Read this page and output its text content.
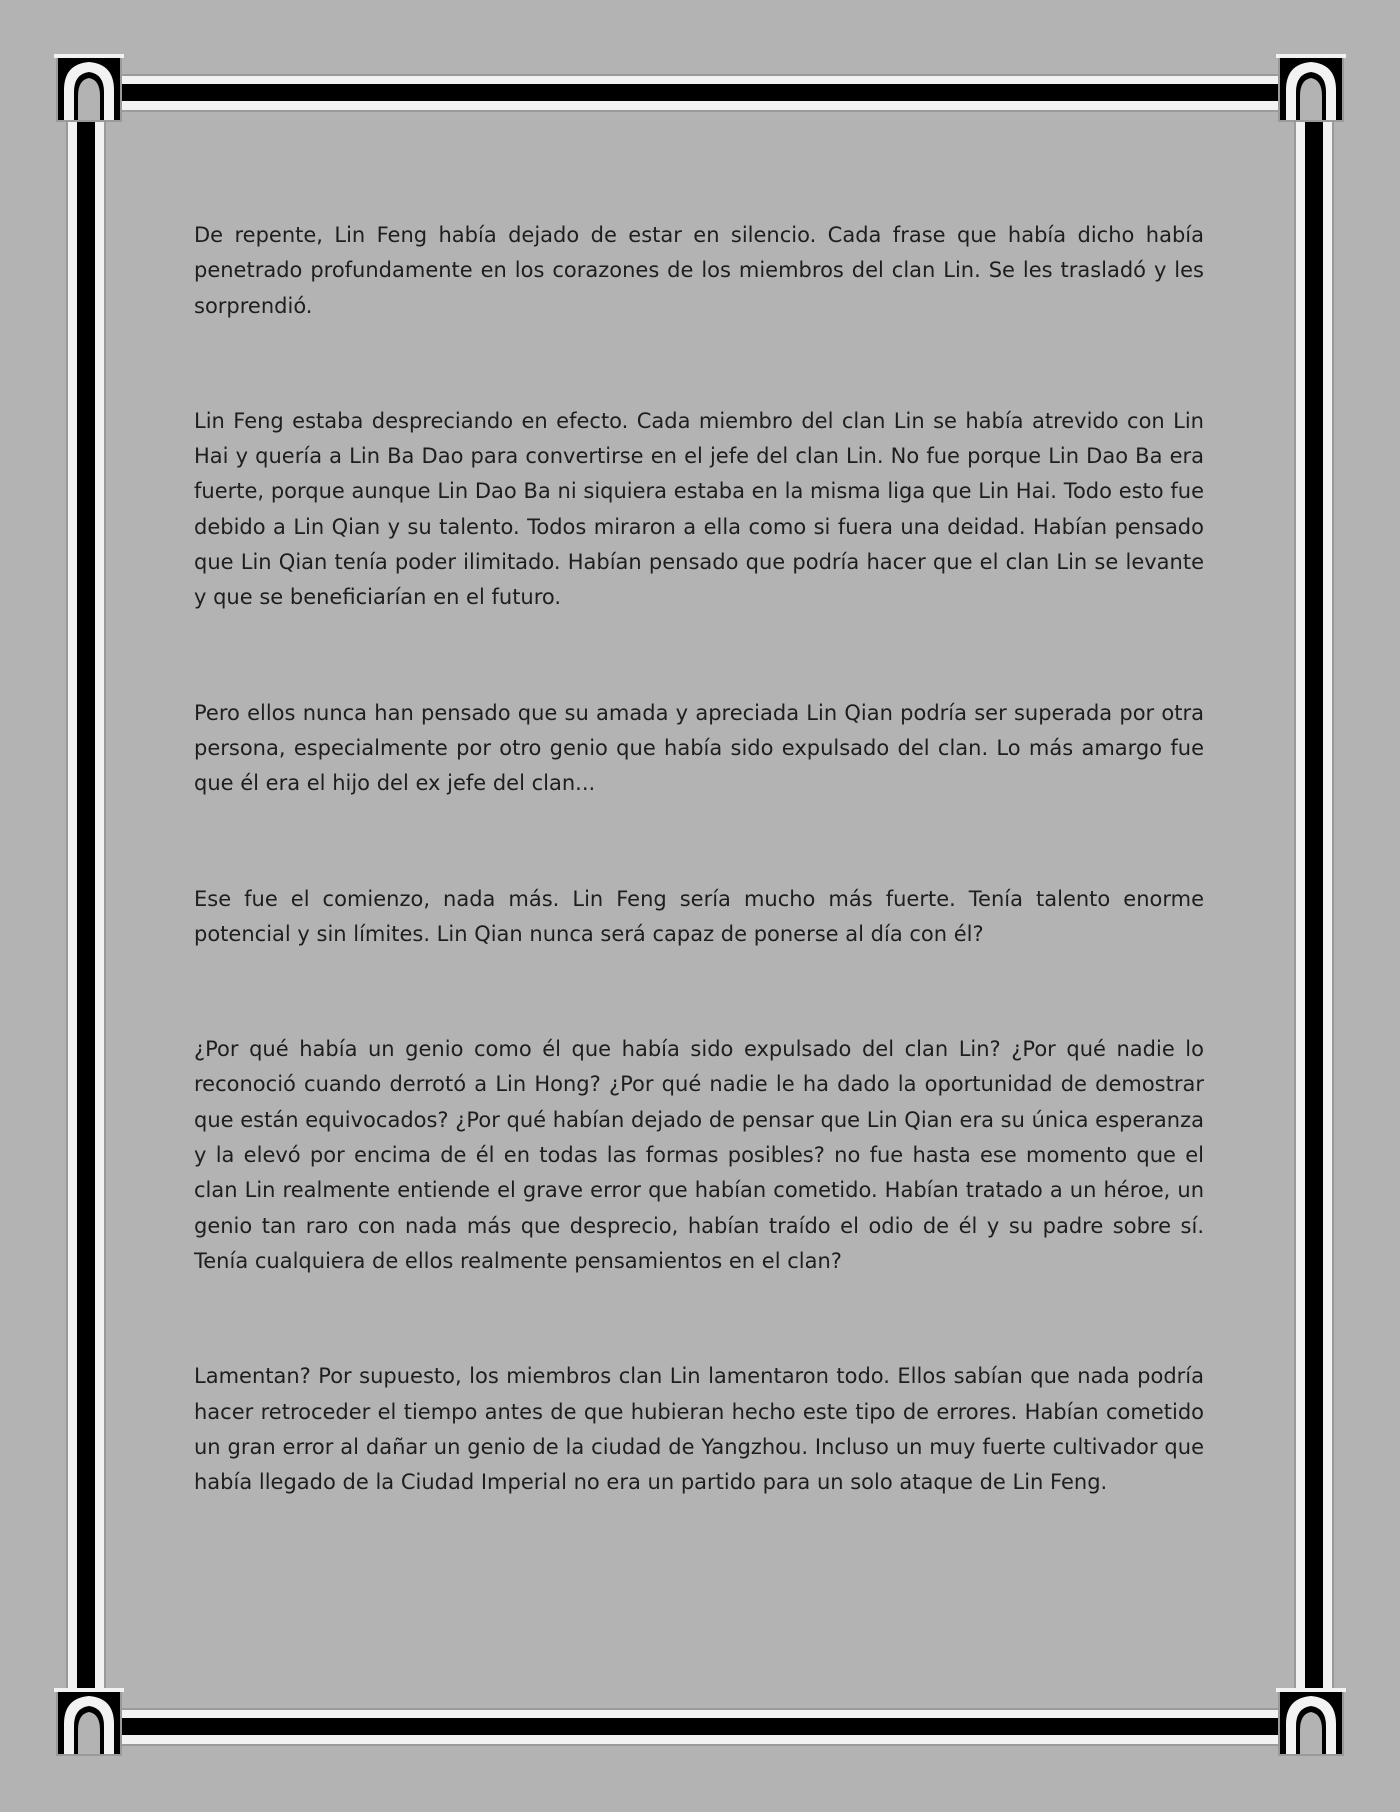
De repente, Lin Feng había dejado de estar en silencio. Cada frase que había dicho había penetrado profundamente en los corazones de los miembros del clan Lin. Se les trasladó y les sorprendió.

Lin Feng estaba despreciando en efecto. Cada miembro del clan Lin se había atrevido con Lin Hai y quería a Lin Ba Dao para convertirse en el jefe del clan Lin. No fue porque Lin Dao Ba era fuerte, porque aunque Lin Dao Ba ni siquiera estaba en la misma liga que Lin Hai. Todo esto fue debido a Lin Qian y su talento. Todos miraron a ella como si fuera una deidad. Habían pensado que Lin Qian tenía poder ilimitado. Habían pensado que podría hacer que el clan Lin se levante y que se beneficiarían en el futuro.

Pero ellos nunca han pensado que su amada y apreciada Lin Qian podría ser superada por otra persona, especialmente por otro genio que había sido expulsado del clan. Lo más amargo fue que él era el hijo del ex jefe del clan...

Ese fue el comienzo, nada más. Lin Feng sería mucho más fuerte. Tenía talento enorme potencial y sin límites. Lin Qian nunca será capaz de ponerse al día con él?

¿Por qué había un genio como él que había sido expulsado del clan Lin? ¿Por qué nadie lo reconoció cuando derrotó a Lin Hong? ¿Por qué nadie le ha dado la oportunidad de demostrar que están equivocados? ¿Por qué habían dejado de pensar que Lin Qian era su única esperanza y la elevó por encima de él en todas las formas posibles? no fue hasta ese momento que el clan Lin realmente entiende el grave error que habían cometido. Habían tratado a un héroe, un genio tan raro con nada más que desprecio, habían traído el odio de él y su padre sobre sí. Tenía cualquiera de ellos realmente pensamientos en el clan?

Lamentan? Por supuesto, los miembros clan Lin lamentaron todo. Ellos sabían que nada podría hacer retroceder el tiempo antes de que hubieran hecho este tipo de errores. Habían cometido un gran error al dañar un genio de la ciudad de Yangzhou. Incluso un muy fuerte cultivador que había llegado de la Ciudad Imperial no era un partido para un solo ataque de Lin Feng.
